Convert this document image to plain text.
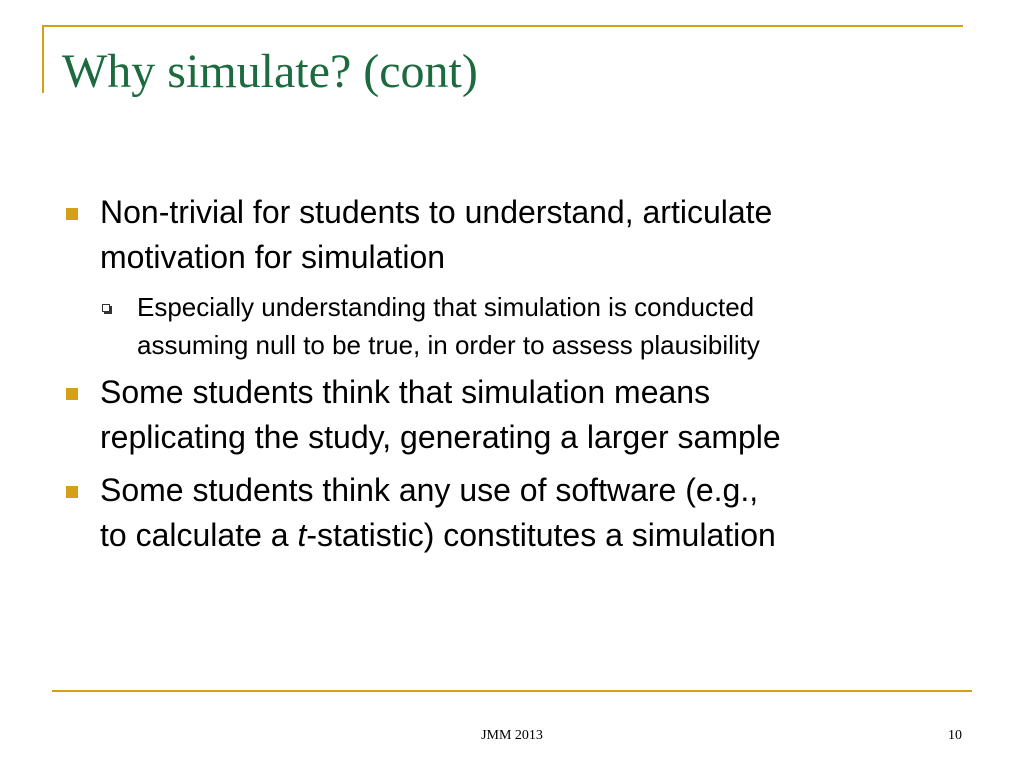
Why simulate? (cont)
Non-trivial for students to understand, articulate
motivation for simulation
Especially understanding that simulation is conducted
assuming null to be true, in order to assess plausibility
Some students think that simulation means
replicating the study, generating a larger sample
Some students think any use of software (e.g.,
to calculate a t-statistic) constitutes a simulation
JMM 2013	10
